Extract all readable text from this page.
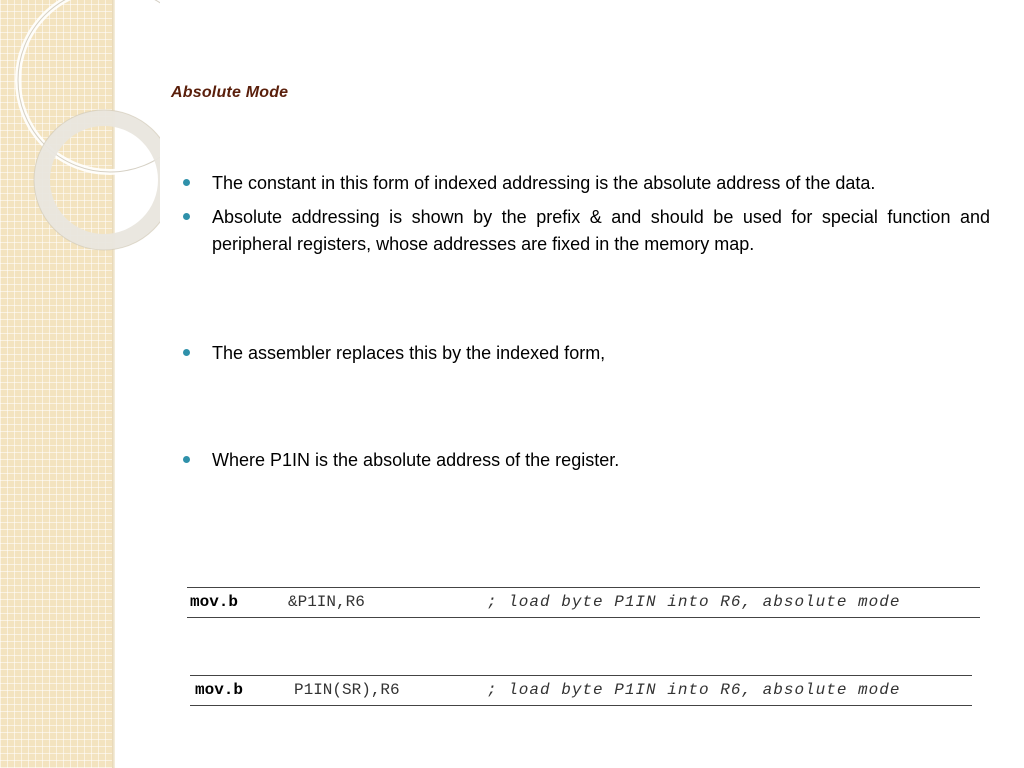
Absolute Mode
The constant in this form of indexed addressing is the absolute address of the data.
Absolute addressing is shown by the prefix & and should be used for special function and peripheral registers, whose addresses are fixed in the memory map.
The assembler replaces this by the indexed form,
Where P1IN is the absolute address of the register.
mov.b	&P1IN,R6	; load byte P1IN into R6, absolute mode
mov.b	P1IN(SR),R6	; load byte P1IN into R6, absolute mode
